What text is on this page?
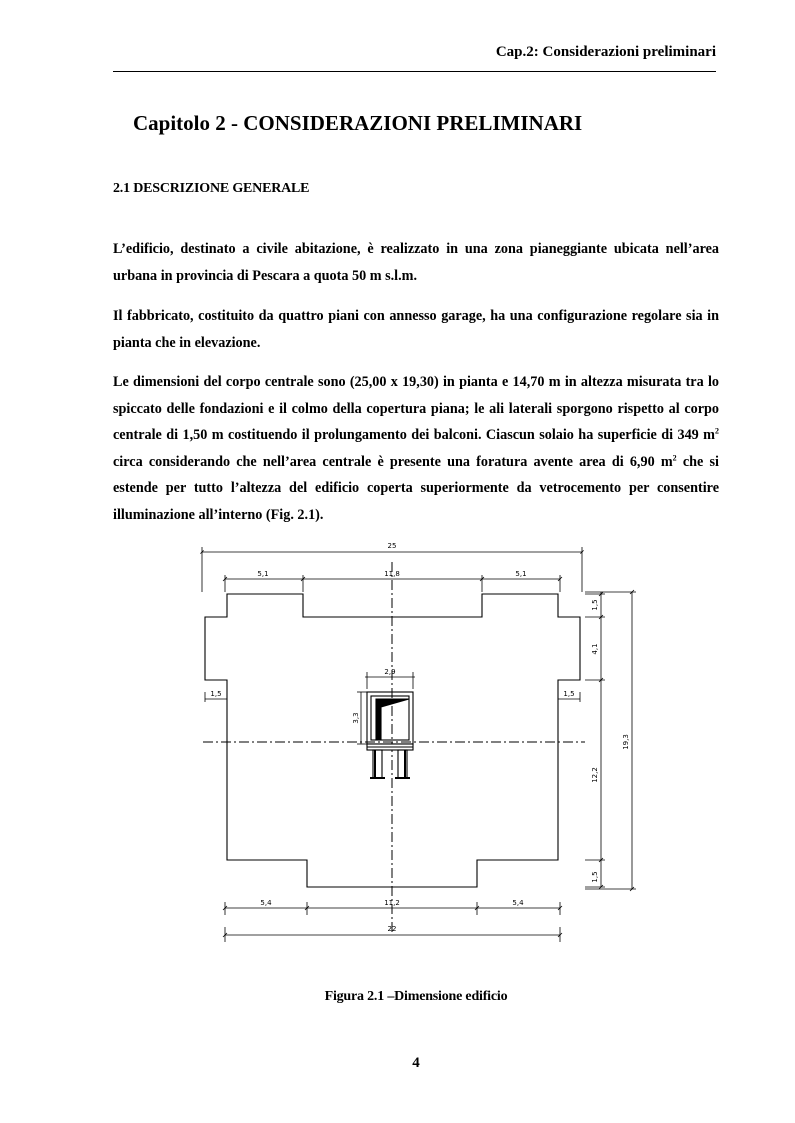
Cap.2: Considerazioni preliminari
Capitolo 2 - CONSIDERAZIONI PRELIMINARI
2.1 DESCRIZIONE GENERALE

L’edificio, destinato a civile abitazione, è realizzato in una zona pianeggiante ubicata nell’area urbana in provincia di Pescara a quota 50 m s.l.m.

Il fabbricato, costituito da quattro piani con annesso garage, ha una configurazione regolare sia in pianta che in elevazione.

Le dimensioni del corpo centrale sono (25,00 x 19,30) in pianta e 14,70 m in altezza misurata tra lo spiccato delle fondazioni e il colmo della copertura piana; le ali laterali sporgono rispetto al corpo centrale di 1,50 m costituendo il prolungamento dei balconi. Ciascun solaio ha superficie di 349 $m^2$ circa considerando che nell’area centrale è presente una foratura avente area di 6,90 $m^2$ che si estende per tutto l’altezza del edificio coperta superiormente da vetrocemento per consentire illuminazione all’interno (Fig. 2.1).

25
5,1	11,8	5,1
1,5	1,5
2,9
3,3
1,5
4,1
12,2
1,5
19,3
5,4	11,2	5,4
22
Figura 2.1 –Dimensione edificio
4
